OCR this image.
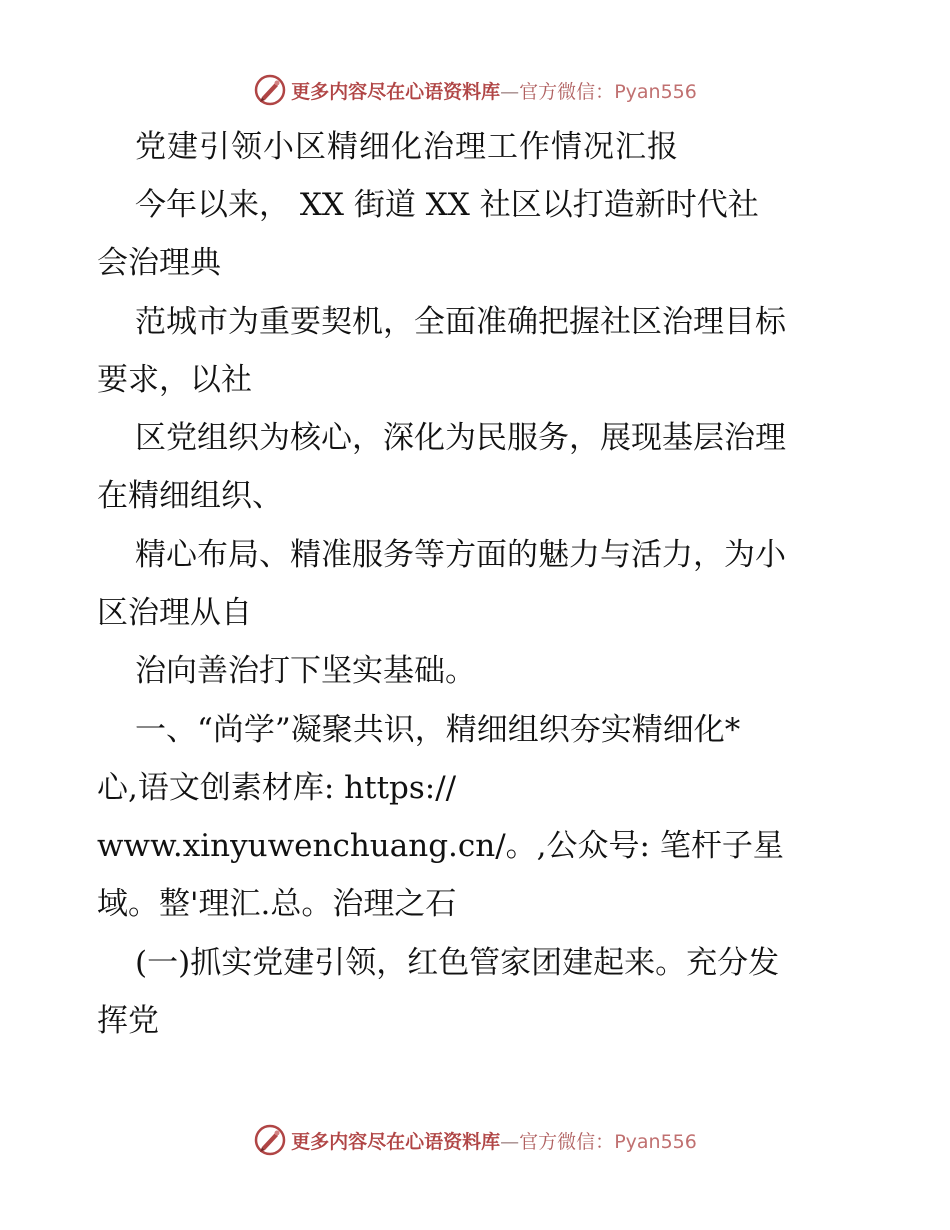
更多内容尽在心语资料库—官方微信：Pyan556
党建引领小区精细化治理工作情况汇报
今年以来， XX 街道 XX 社区以打造新时代社
会治理典
范城市为重要契机，全面准确把握社区治理目标
要求，以社
区党组织为核心，深化为民服务，展现基层治理
在精细组织、
精心布局、精准服务等方面的魅力与活力，为小
区治理从自
治向善治打下坚实基础。
一、“尚学”凝聚共识，精细组织夯实精细化*
心,语文创素材库: https://
www.xinyuwenchuang.cn/。,公众号: 笔杆子星
域。整'理汇.总。治理之石
(一)抓实党建引领，红色管家团建起来。充分发
挥党
更多内容尽在心语资料库—官方微信：Pyan556
